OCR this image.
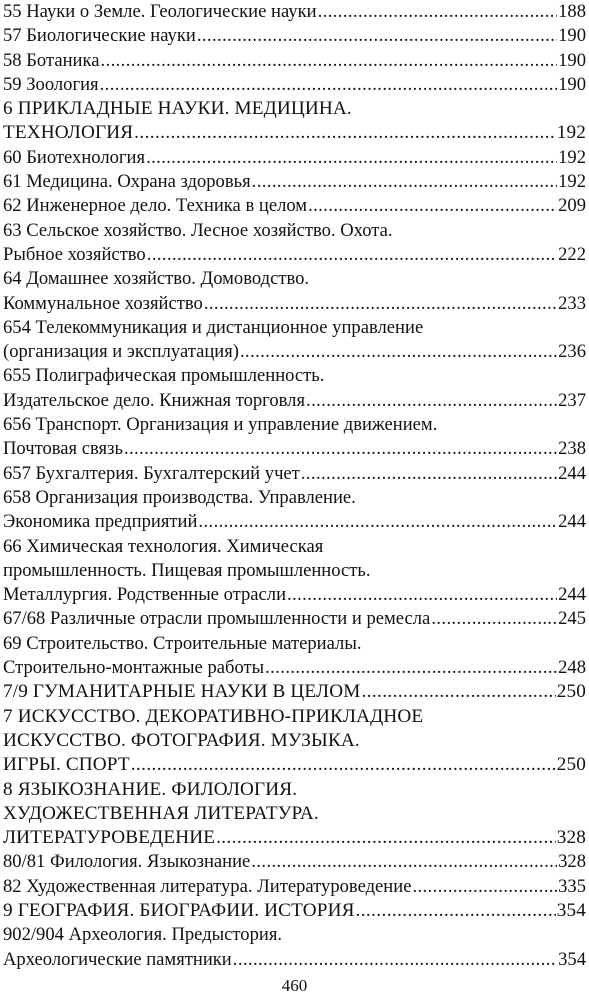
55 Науки о Земле. Геологические науки .....	188
57 Биологические науки .....	190
58 Ботаника .....	190
59 Зоология .....	190
6 ПРИКЛАДНЫЕ НАУКИ. МЕДИЦИНА.
ТЕХНОЛОГИЯ .....	192
60 Биотехнология .....	192
61 Медицина. Охрана здоровья .....	192
62 Инженерное дело. Техника в целом .....	209
63 Сельское хозяйство. Лесное хозяйство. Охота.
Рыбное хозяйство .....	222
64 Домашнее хозяйство. Домоводство.
Коммунальное хозяйство .....	233
654 Телекоммуникация и дистанционное управление
(организация и эксплуатация) .....	236
655 Полиграфическая промышленность.
Издательское дело. Книжная торговля .....	237
656 Транспорт. Организация и управление движением.
Почтовая связь .....	238
657 Бухгалтерия. Бухгалтерский учет .....	244
658 Организация производства. Управление.
Экономика предприятий .....	244
66 Химическая технология. Химическая
промышленность. Пищевая промышленность.
Металлургия. Родственные отрасли .....	244
67/68 Различные отрасли промышленности и ремесла .....	245
69 Строительство. Строительные материалы.
Строительно-монтажные работы .....	248
7/9 ГУМАНИТАРНЫЕ НАУКИ В ЦЕЛОМ .....	250
7 ИСКУССТВО. ДЕКОРАТИВНО-ПРИКЛАДНОЕ
ИСКУССТВО. ФОТОГРАФИЯ. МУЗЫКА.
ИГРЫ. СПОРТ .....	250
8 ЯЗЫКОЗНАНИЕ. ФИЛОЛОГИЯ.
ХУДОЖЕСТВЕННАЯ ЛИТЕРАТУРА.
ЛИТЕРАТУРОВЕДЕНИЕ .....	328
80/81 Филология. Языкознание .....	328
82 Художественная литература. Литературоведение .....	335
9 ГЕОГРАФИЯ. БИОГРАФИИ. ИСТОРИЯ .....	354
902/904 Археология. Предыстория.
Археологические памятники .....	354
460
